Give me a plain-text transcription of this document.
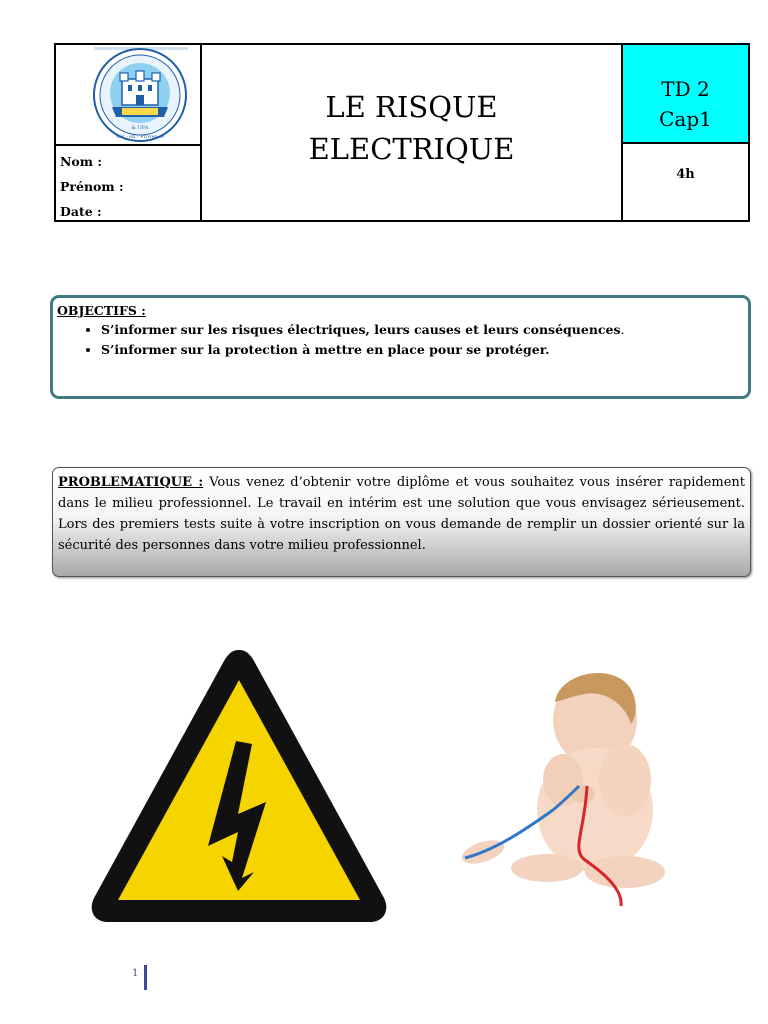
& UFA
Aix - en - Provence
Nom :
Prénom :
Date :
LE RISQUE
ELECTRIQUE
TD 2
Cap1
4h
OBJECTIFS :
• S’informer sur les risques électriques, leurs causes et leurs conséquences.
• S’informer sur la protection à mettre en place pour se protéger.
PROBLEMATIQUE : Vous venez d’obtenir votre diplôme et vous souhaitez vous insérer rapidement dans le milieu professionnel. Le travail en intérim est une solution que vous envisagez sérieusement. Lors des premiers tests suite à votre inscription on vous demande de remplir un dossier orienté sur la sécurité des personnes dans votre milieu professionnel.
1
